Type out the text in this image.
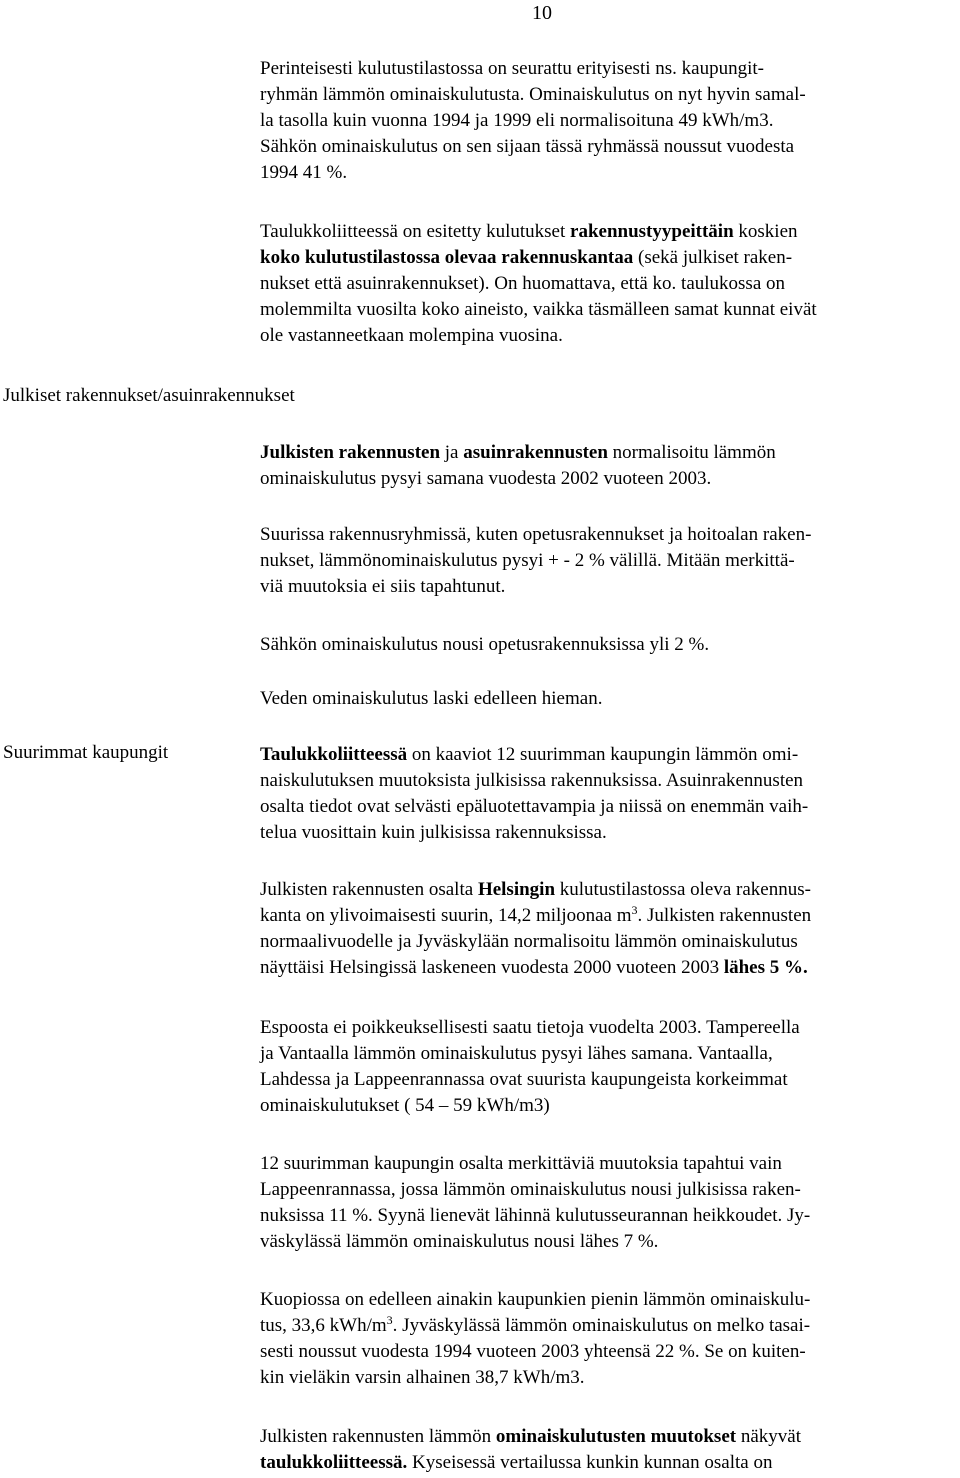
10
Julkiset rakennukset/asuinrakennukset
Suurimmat kaupungit
Perinteisesti kulutustilastossa on seurattu erityisesti ns. kaupungit-
ryhmän lämmön ominaiskulutusta. Ominaiskulutus on nyt hyvin samal-
la tasolla kuin vuonna 1994 ja 1999 eli normalisoituna 49 kWh/m3.
Sähkön ominaiskulutus on sen sijaan tässä ryhmässä noussut vuodesta
1994 41 %.
Taulukkoliitteessä on esitetty kulutukset rakennustyypeittäin koskien
koko kulutustilastossa olevaa rakennuskantaa (sekä julkiset raken-
nukset että asuinrakennukset). On huomattava, että ko. taulukossa on
molemmilta vuosilta koko aineisto, vaikka täsmälleen samat kunnat eivät
ole vastanneetkaan molempina vuosina.
Julkisten rakennusten ja asuinrakennusten normalisoitu lämmön
ominaiskulutus pysyi samana vuodesta 2002 vuoteen 2003.
Suurissa rakennusryhmissä, kuten opetusrakennukset ja hoitoalan raken-
nukset, lämmönominaiskulutus pysyi + - 2 % välillä. Mitään merkittä-
viä muutoksia ei siis tapahtunut.
Sähkön ominaiskulutus nousi opetusrakennuksissa yli 2 %.
Veden ominaiskulutus laski edelleen hieman.
Taulukkoliitteessä on kaaviot 12 suurimman kaupungin lämmön omi-
naiskulutuksen muutoksista julkisissa rakennuksissa. Asuinrakennusten
osalta tiedot ovat selvästi epäluotettavampia ja niissä on enemmän vaih-
telua vuosittain kuin julkisissa rakennuksissa.
Julkisten rakennusten osalta Helsingin kulutustilastossa oleva rakennus-
kanta on ylivoimaisesti suurin, 14,2 miljoonaa $m^3$. Julkisten rakennusten
normaalivuodelle ja Jyväskylään normalisoitu lämmön ominaiskulutus
näyttäisi Helsingissä laskeneen vuodesta 2000 vuoteen 2003 lähes 5 %.
Espoosta ei poikkeuksellisesti saatu tietoja vuodelta 2003. Tampereella
ja Vantaalla lämmön ominaiskulutus pysyi lähes samana. Vantaalla,
Lahdessa ja Lappeenrannassa ovat suurista kaupungeista korkeimmat
ominaiskulutukset ( 54 – 59 kWh/m3)
12 suurimman kaupungin osalta merkittäviä muutoksia tapahtui vain
Lappeenrannassa, jossa lämmön ominaiskulutus nousi julkisissa raken-
nuksissa 11 %. Syynä lienevät lähinnä kulutusseurannan heikkoudet. Jy-
väskylässä lämmön ominaiskulutus nousi lähes 7 %.
Kuopiossa on edelleen ainakin kaupunkien pienin lämmön ominaiskulu-
tus, 33,6 kWh/$m^3$. Jyväskylässä lämmön ominaiskulutus on melko tasai-
sesti noussut vuodesta 1994 vuoteen 2003 yhteensä 22 %. Se on kuiten-
kin vieläkin varsin alhainen 38,7 kWh/m3.
Julkisten rakennusten lämmön ominaiskulutusten muutokset näkyvät
taulukkoliitteessä. Kyseisessä vertailussa kunkin kunnan osalta on
